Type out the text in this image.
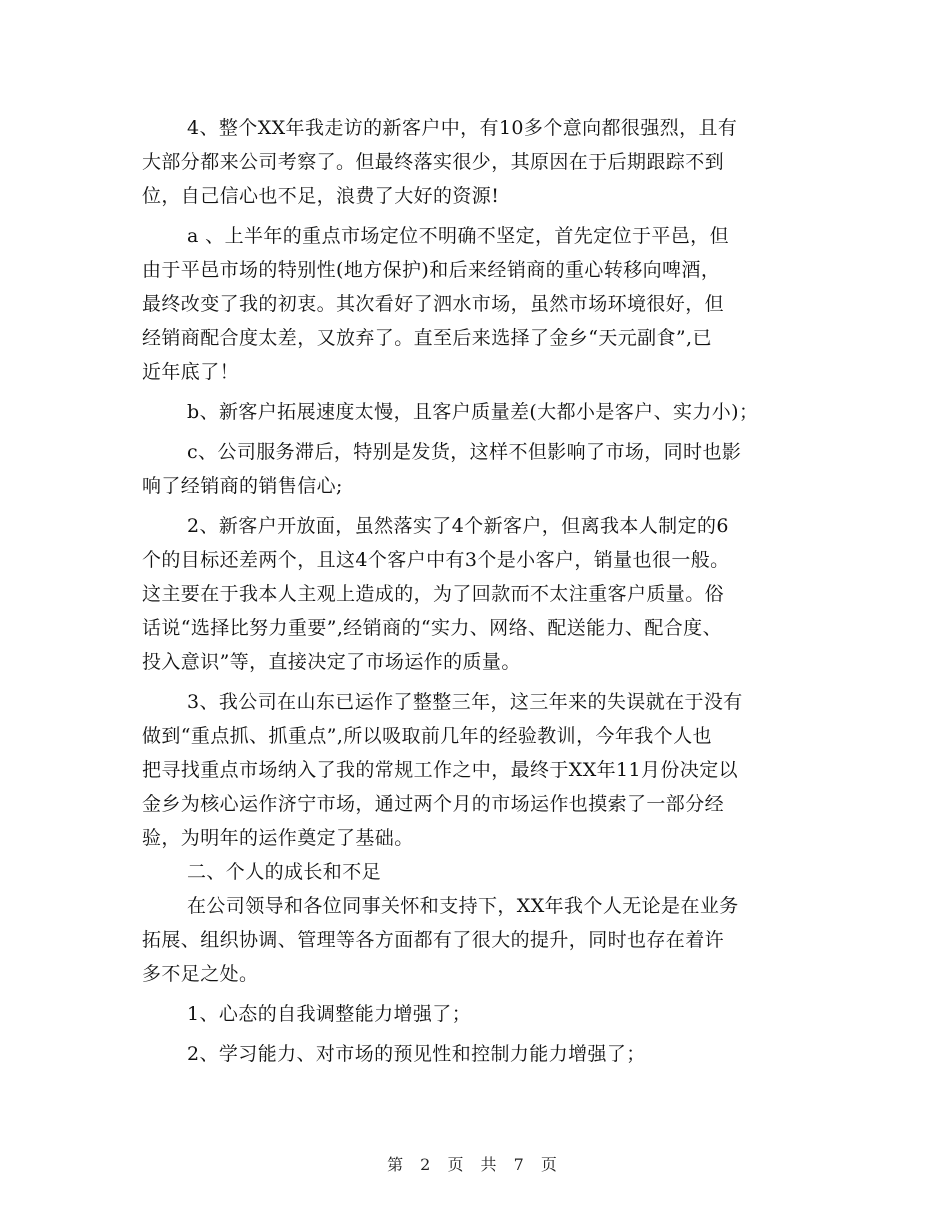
4、整个XX年我走访的新客户中，有10多个意向都很强烈，且有
大部分都来公司考察了。但最终落实很少，其原因在于后期跟踪不到
位，自己信心也不足，浪费了大好的资源!

a 、上半年的重点市场定位不明确不坚定，首先定位于平邑，但
由于平邑市场的特别性(地方保护)和后来经销商的重心转移向啤酒，
最终改变了我的初衷。其次看好了泗水市场，虽然市场环境很好，但
经销商配合度太差，又放弃了。直至后来选择了金乡“天元副食”,已
近年底了！

b、新客户拓展速度太慢，且客户质量差(大都小是客户、实力小)；

c、公司服务滞后，特别是发货，这样不但影响了市场，同时也影
响了经销商的销售信心;

2、新客户开放面，虽然落实了4个新客户，但离我本人制定的6
个的目标还差两个，且这4个客户中有3个是小客户，销量也很一般。
这主要在于我本人主观上造成的，为了回款而不太注重客户质量。俗
话说“选择比努力重要”,经销商的“实力、网络、配送能力、配合度、
投入意识”等，直接决定了市场运作的质量。

3、我公司在山东已运作了整整三年，这三年来的失误就在于没有
做到“重点抓、抓重点”,所以吸取前几年的经验教训，今年我个人也
把寻找重点市场纳入了我的常规工作之中，最终于XX年11月份决定以
金乡为核心运作济宁市场，通过两个月的市场运作也摸索了一部分经
验，为明年的运作奠定了基础。

二、个人的成长和不足

在公司领导和各位同事关怀和支持下，XX年我个人无论是在业务
拓展、组织协调、管理等各方面都有了很大的提升，同时也存在着许
多不足之处。

1、心态的自我调整能力增强了；

2、学习能力、对市场的预见性和控制力能力增强了；

第 2 页 共 7 页
